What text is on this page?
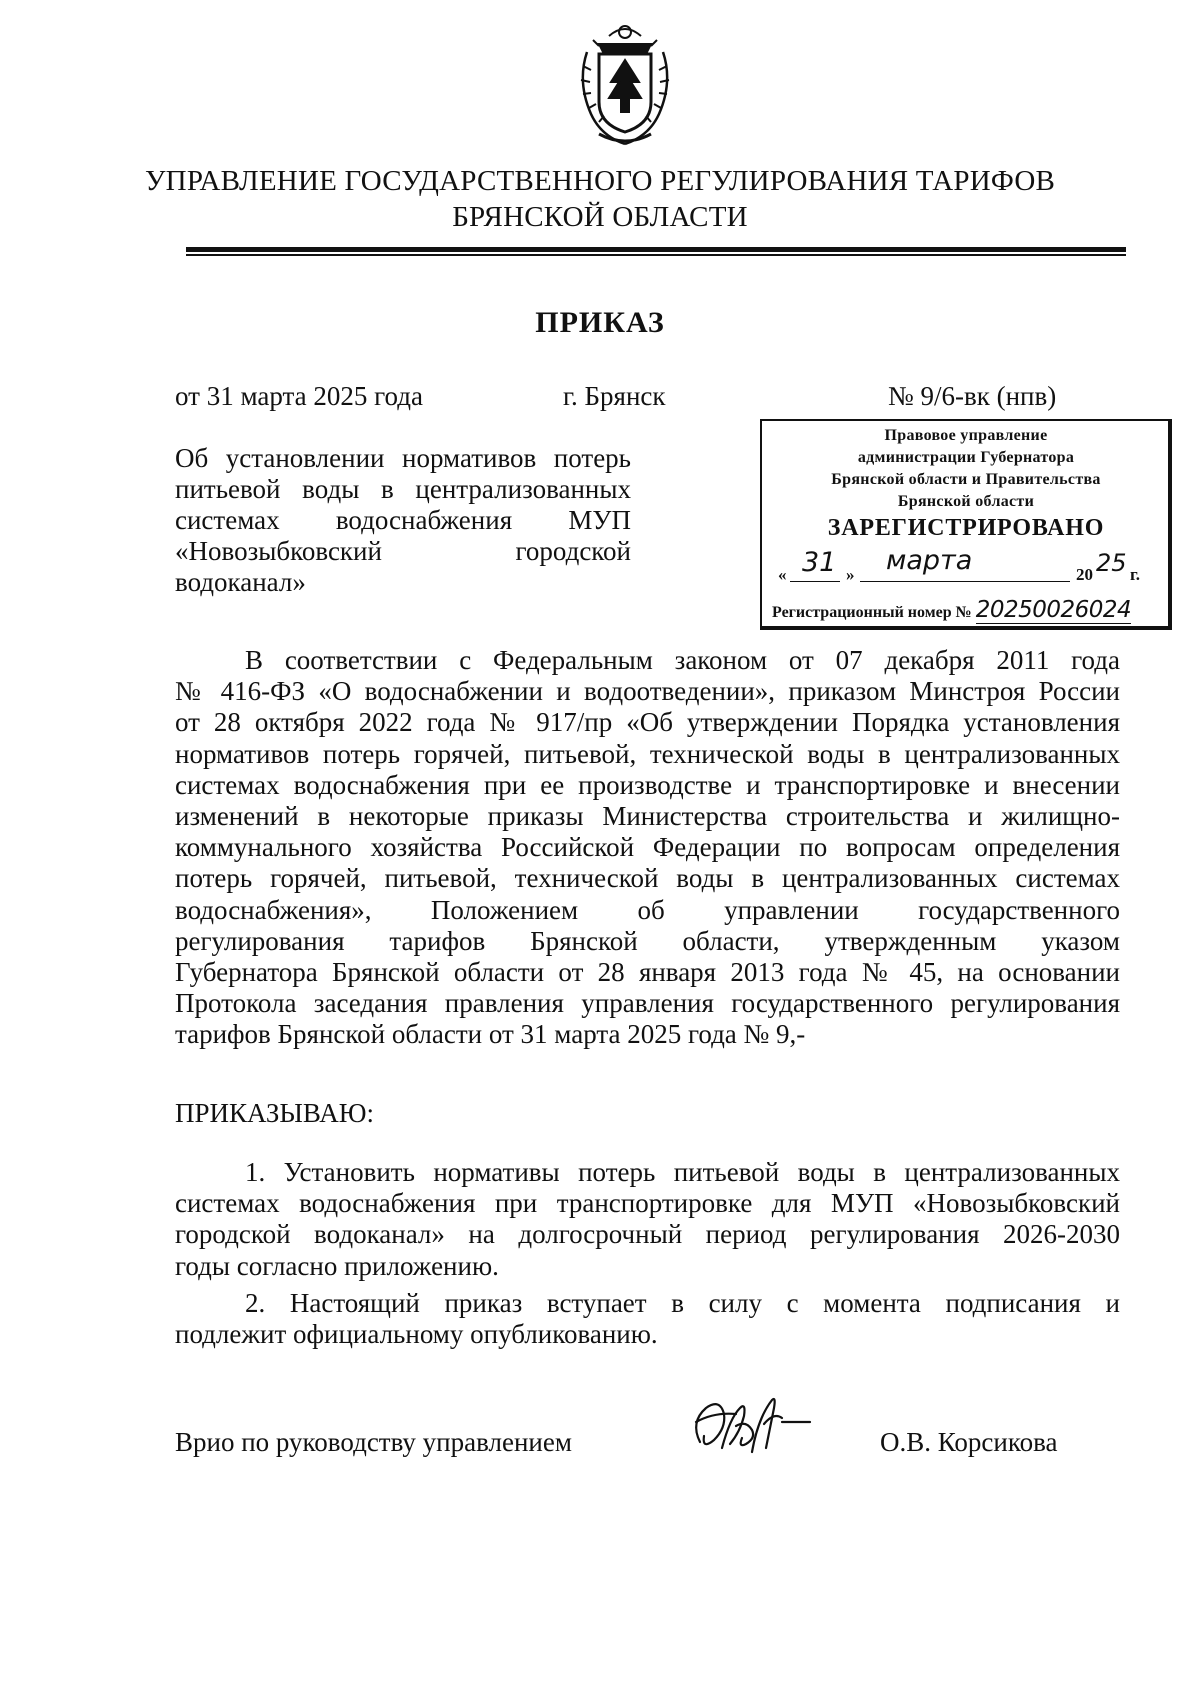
УПРАВЛЕНИЕ ГОСУДАРСТВЕННОГО РЕГУЛИРОВАНИЯ ТАРИФОВ
БРЯНСКОЙ ОБЛАСТИ
ПРИКАЗ
от 31 марта 2025 года	г. Брянск	№ 9/6-вк (нпв)
Об установлении нормативов потерь
питьевой воды в централизованных
системах водоснабжения МУП
«Новозыбковский городской
водоканал»
Правовое управление
администрации Губернатора
Брянской области и Правительства
Брянской области
ЗАРЕГИСТРИРОВАНО
« 31 » марта	20 25 г.
Регистрационный номер № 20250026024
В соответствии с Федеральным законом от 07 декабря 2011 года
№ 416-ФЗ «О водоснабжении и водоотведении», приказом Минстроя России
от 28 октября 2022 года № 917/пр «Об утверждении Порядка установления
нормативов потерь горячей, питьевой, технической воды в централизованных
системах водоснабжения при ее производстве и транспортировке и внесении
изменений в некоторые приказы Министерства строительства и жилищно-
коммунального хозяйства Российской Федерации по вопросам определения
потерь горячей, питьевой, технической воды в централизованных системах
водоснабжения», Положением об управлении государственного
регулирования тарифов Брянской области, утвержденным указом
Губернатора Брянской области от 28 января 2013 года № 45, на основании
Протокола заседания правления управления государственного регулирования
тарифов Брянской области от 31 марта 2025 года № 9,-
ПРИКАЗЫВАЮ:
1. Установить нормативы потерь питьевой воды в централизованных
системах водоснабжения при транспортировке для МУП «Новозыбковский
городской водоканал» на долгосрочный период регулирования 2026-2030
годы согласно приложению.
2. Настоящий приказ вступает в силу с момента подписания и
подлежит официальному опубликованию.
Врио по руководству управлением	О.В. Корсикова
